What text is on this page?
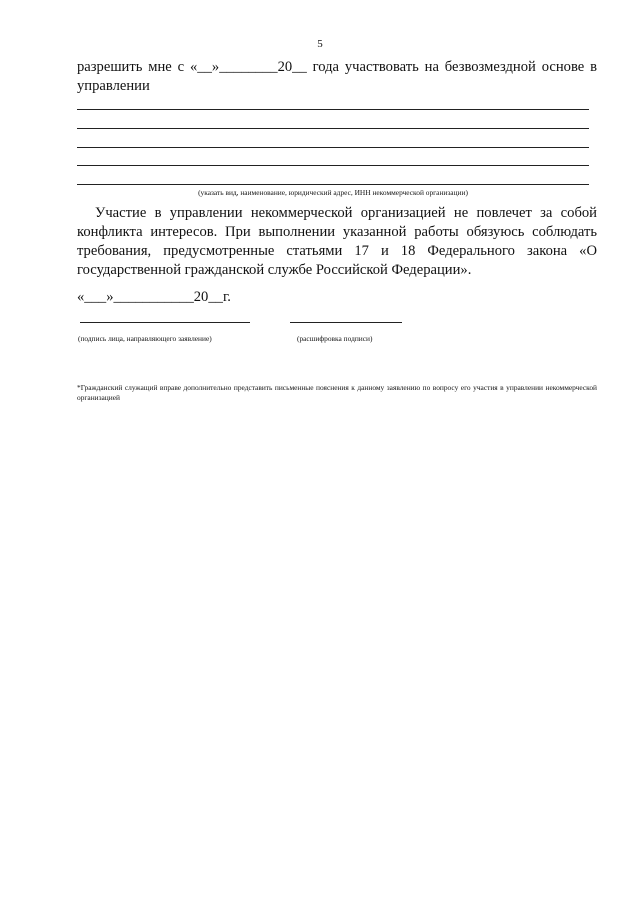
5

разрешить мне с «__»________20__ года участвовать на безвозмездной основе в управлении

(указать вид, наименование, юридический адрес, ИНН некоммерческой организации)

Участие в управлении некоммерческой организацией не повлечет за собой конфликта интересов. При выполнении указанной работы обязуюсь соблюдать требования, предусмотренные статьями 17 и 18 Федерального закона «О государственной гражданской службе Российской Федерации».

«___»___________20__г.
(подпись лица, направляющего заявление)	(расшифровка подписи)

*Гражданский служащий вправе дополнительно представить письменные пояснения к данному заявлению по вопросу его участия в управлении некоммерческой организацией
